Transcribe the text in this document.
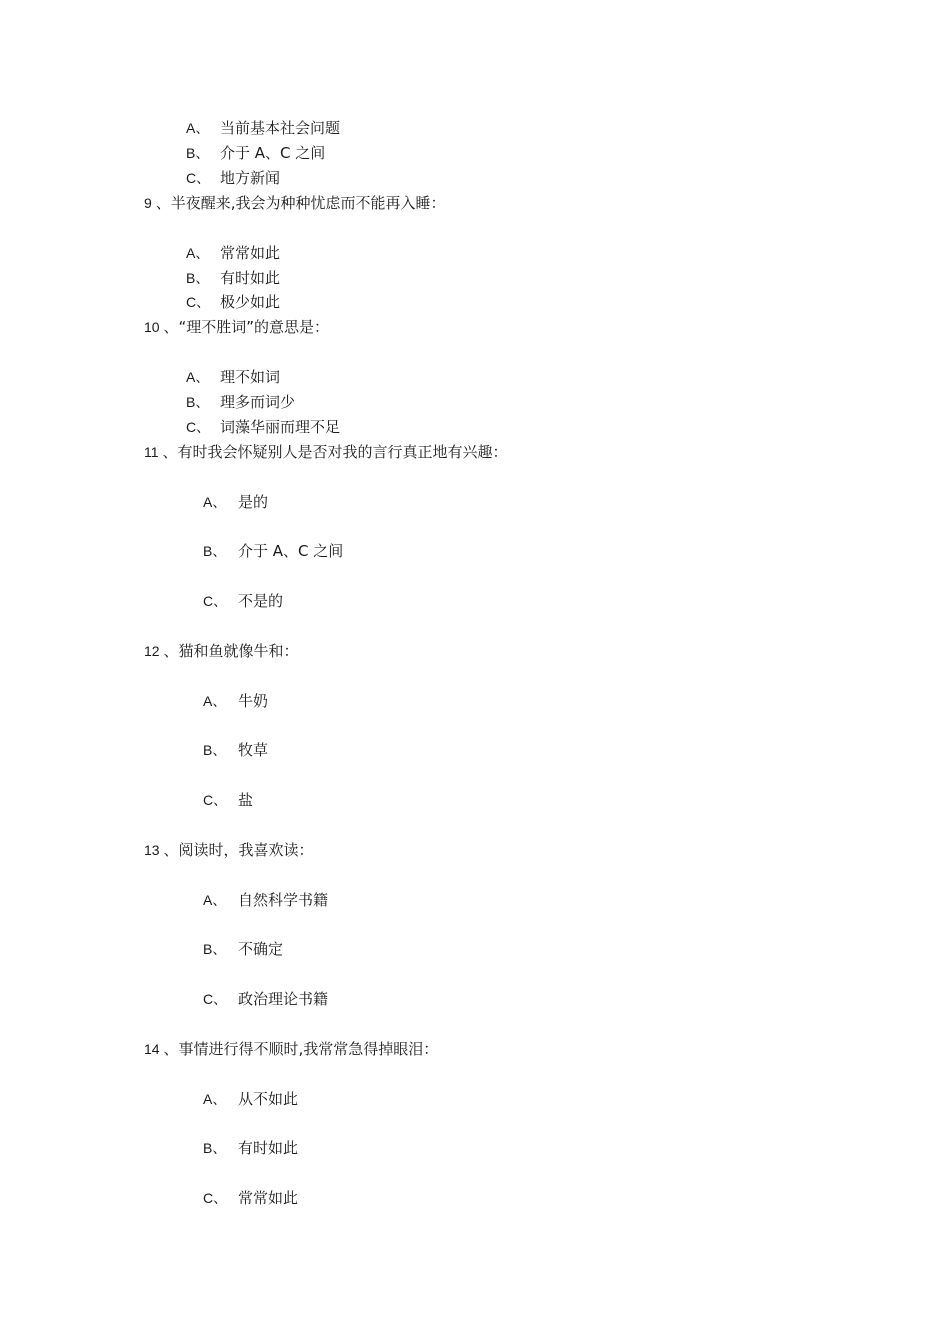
A、 当前基本社会问题
B、 介于 A、C 之间
C、 地方新闻
9 、半夜醒来,我会为种种忧虑而不能再入睡：
A、 常常如此
B、 有时如此
C、 极少如此
10 、“理不胜词”的意思是：
A、 理不如词
B、 理多而词少
C、 词藻华丽而理不足
11 、有时我会怀疑别人是否对我的言行真正地有兴趣：
A、 是的
B、 介于 A、C 之间
C、 不是的
12 、猫和鱼就像牛和：
A、 牛奶
B、 牧草
C、 盐
13 、阅读时，我喜欢读：
A、 自然科学书籍
B、 不确定
C、 政治理论书籍
14 、事情进行得不顺时,我常常急得掉眼泪：
A、 从不如此
B、 有时如此
C、 常常如此
